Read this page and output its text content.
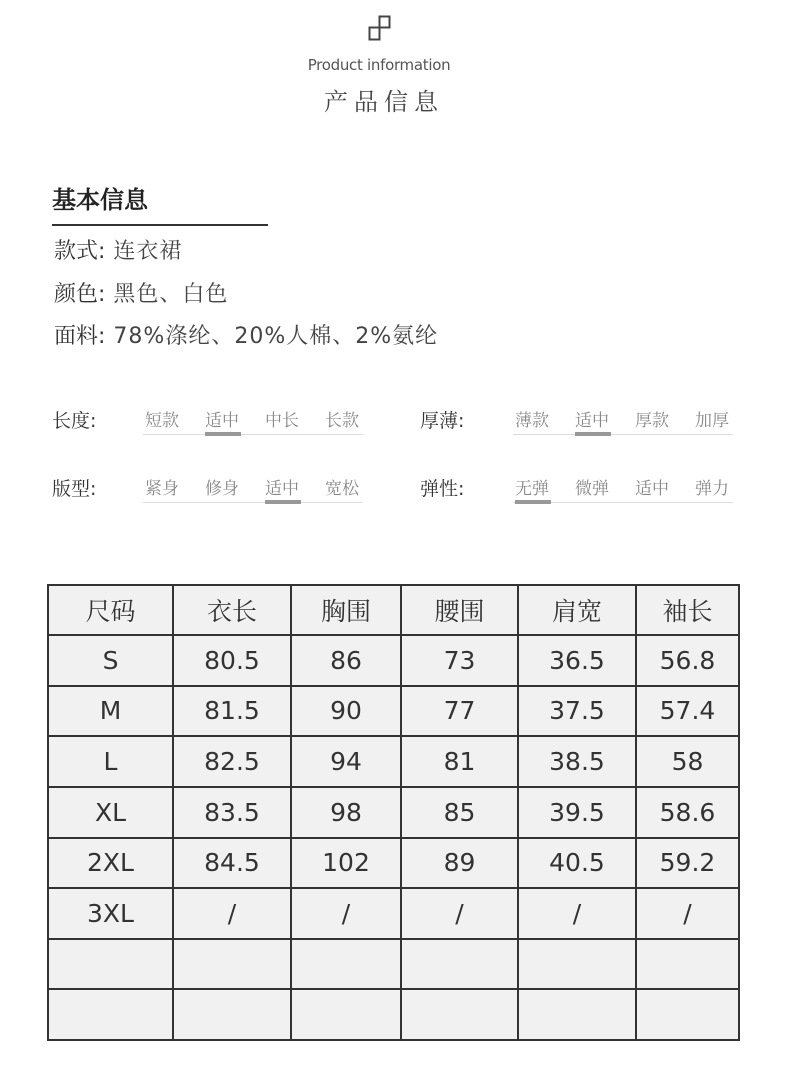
Product information
产品信息
基本信息
款式: 连衣裙
颜色: 黑色、白色
面料: 78%涤纶、20%人棉、2%氨纶
长度:	短款 适中 中长 长款	厚薄:	薄款 适中 厚款 加厚
版型:	紧身 修身 适中 宽松	弹性:	无弹 微弹 适中 弹力
尺码	衣长	胸围	腰围	肩宽	袖长
S	80.5	86	73	36.5	56.8
M	81.5	90	77	37.5	57.4
L	82.5	94	81	38.5	58
XL	83.5	98	85	39.5	58.6
2XL	84.5	102	89	40.5	59.2
3XL	/	/	/	/	/
